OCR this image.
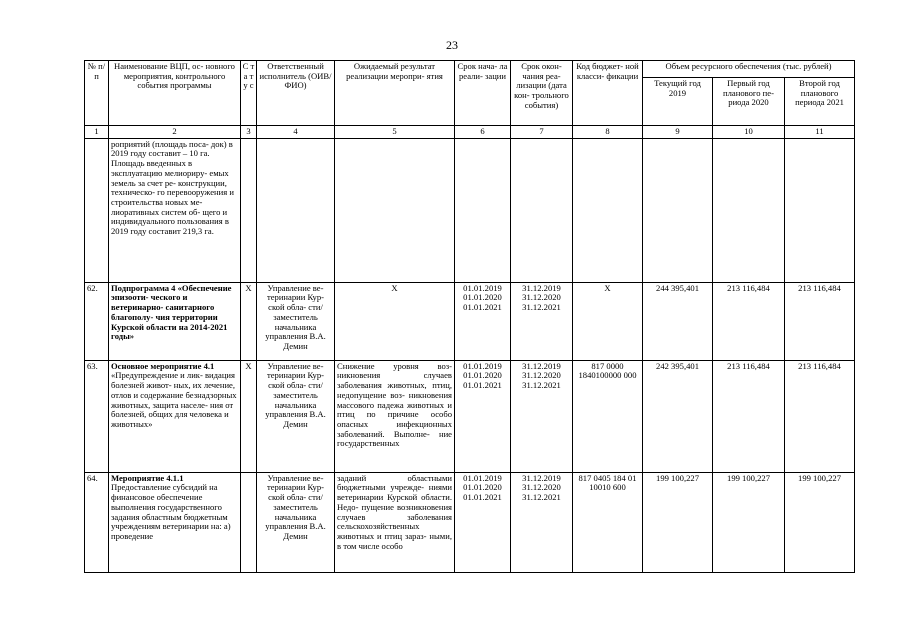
23
№ п/ п	Наименование ВЦП, ос- новного мероприятия, контрольного события программы	С т а т у с	Ответственный исполнитель (ОИВ/ФИО)	Ожидаемый результат реализации меропри- ятия	Срок нача- ла реали- зации	Срок окон- чания реа- лизации (дата кон- трольного события)	Код бюджет- ной класси- фикации	Объем ресурсного обеспечения (тыс. рублей)		
								Текущий год 2019	Первый год планового пе- риода 2020	Второй год планового периода 2021
1	2	3	4	5	6	7	8	9	10	11
	роприятий (площадь поса- док) в 2019 году составит – 10 га. Площадь введенных в эксплуатацию мелиориру- емых земель за счет ре- конструкции, техническо- го перевооружения и строительства новых ме- лиоративных систем об- щего и индивидуального пользования в 2019 году составит 219,3 га.									
62.	Подпрограмма 4 «Обеспечение эпизооти- ческого и ветеринарно- санитарного благополу- чия территории Курской области на 2014-2021 годы»	X	Управление ве- теринарии Кур- ской обла- сти/заместитель начальника управления В.А. Демин	X	01.01.2019 01.01.2020 01.01.2021	31.12.2019 31.12.2020 31.12.2021	X	244 395,401	213 116,484	213 116,484
63.	Основное мероприятие 4.1 «Предупреждение и лик- видация болезней живот- ных, их лечение, отлов и содержание безнадзорных животных, защита населе- ния от болезней, общих для человека и животных»	X	Управление ве- теринарии Кур- ской обла- сти/заместитель начальника управления В.А. Демин	Снижение уровня воз- никновения случаев заболевания животных, птиц, недопущение воз- никновения массового падежа животных и птиц по причине особо опасных инфекционных заболеваний. Выполне- ние государственных	01.01.2019 01.01.2020 01.01.2021	31.12.2019 31.12.2020 31.12.2021	817 0000 1840100000 000	242 395,401	213 116,484	213 116,484
64.	Мероприятие 4.1.1 Предоставление субсидий на финансовое обеспечение выполнения государственного задания областным бюджетным учреждениям ветеринарии на: а) проведение		Управление ве- теринарии Кур- ской обла- сти/заместитель начальника управления В.А. Демин	заданий областными бюджетными учрежде- ниями ветеринарии Курской области. Недо- пущение возникновения случаев заболевания сельскохозяйственных животных и птиц зараз- ными, в том числе особо	01.01.2019 01.01.2020 01.01.2021	31.12.2019 31.12.2020 31.12.2021	817 0405 184 01 10010 600	199 100,227	199 100,227	199 100,227
